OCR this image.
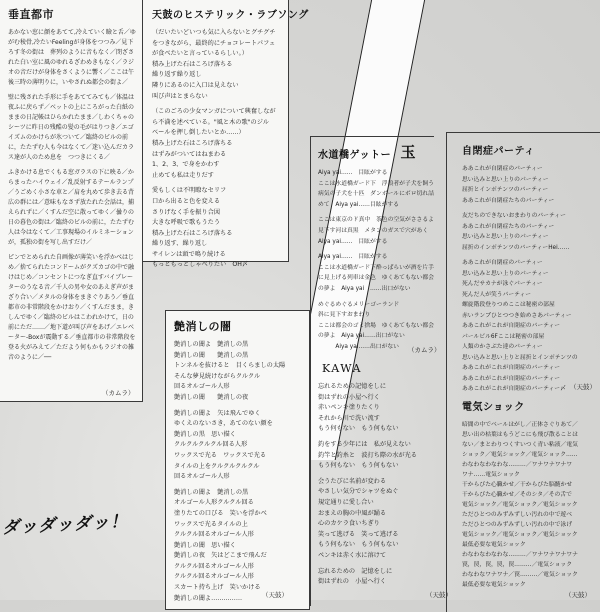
玉
垂直都市

あかない窓に顔をあてて,冷えていく瞼と舌／ゆがむ稜骨,冷たいFeelingが身体をつつみ／見下ろす冬の街は　葬列のように音もなく／閉ざされた白い室に風のゆれるざわめきもなく／ラジオの音だけが身体をさくように響く／ここは午後三時の薄明りに，いやされぬ都会の街よ／

壁に残された手形に手をあててみても／体温は夜ふに戻らず／ベットの上にころがった白紙のままの日記帳はひらかれたまま／しわくちゃのシーツに昨日の残酷の髪の毛がはりつき／エゴイズムのかけらが氷ついて／臨終のビルの前に，たたずむ人も今はなくて／迷い込んだカラス達が人のため息を　つつきにくる／

ふきかける息でくもる窓ガラスの下に映る／からまったハイウェイ／乱反射するテールランプ／うごめく小さな車と／肩を丸めて歩き去る背広の群には／意味もなさず放たれた会話は，捕えられずに／くすんだ空に散ってゆく／曇りの日の暮色の街は／臨終のビルの前に，たたずむ人は今はなくて／工事現場のイルミネーションが，孤独の街を写し出すだけ／

ピンでとめられた自画像が薄笑いを浮かべはじめ／捨てられたコンドームがクズカゴの中で融けはじめ／コンセントにつなぎ直すバイブレーターのうなる音／千人の男や女のあえぎ声がまざり合い／メタルの身体をまきぐりあう／垂直都市の非常階段をかけおり／くすんだまま，きしんでゆく／臨終のビルはこわれかけて，日の前にただ……／地下道が叫び声をあげ／エレベーター-Boxが震動する／垂直都市の非常階段を登る火がみえて／ただよう何もかもラジオの雑音のように／──

（カムラ）
天鼓のヒステリック・ラブソング

（だいたいどいつも気に入らないとグチグチ
をつきながら，最終的にチョコレートパフェ
が食べたいと言っているらしい。）
積み上げた石はころげ落ちる
繰り返す繰り返し
隣りにあるのに入口は見えない
叫び声はとまらない

（このごろの少女マンガについて興奮しなが
ら不満を述べている。"風と木の歌"のジル
ベールを押し倒したいとか……）
積み上げた石はころげ落ちる
はずみがついてはねまわる
1、2、3、で身をかわす
止めても私は走りだす

愛もしくは不明瞭なセリフ
口から出ると色を変える
さりげなく手を振り合図
大きな呼吸で歌もうたう
積み上げた石はころげ落ちる
繰り返す、繰り返し
サイレンは頭で鳴り続ける
もっともっとしゃべりたい　OH〆

艶消しの闇

艶消しの闇よ　艶消しの黒
艶消しの闇　　艶消しの黒
トンネルを抜けると　目くらましの太陽
そんな夢見続けながらクルクル
回るオルゴール人形
艶消しの闇　　艶消しの夜

艶消しの闇よ　矢は飛んでゆく
ゆくえのないさき，あてのない顔を
艶消しの黒　思い描く
クルクルクルクル回る人形
ワックスで光る　ワックスで光る
タイルの上をクルクルクルクル
回るオルゴール人形

艶消しの闇よ　艶消しの黒
オルゴール人形クルクル回る
塗りたての口びる　笑いを浮かべ
ワックスで光るタイルの上
クルクル回るオルゴール人形
艶消しの闇　思い描く
艶消しの夜　矢はどこまで飛んだ
クルクル回るオルゴール人形
クルクル回るオルゴール人形
スカート持ち上げ　笑いかける
艶消しの闇よ……………	（天鼓）
水道橋ゲットー

Aiya yai……　目眩がする
ここは水道橋ガード下　浮浪者が子犬を飼う
病気の子犬を十匹　ダンボールにボロ切れ詰
めて　Aiya yai……目眩がする

ここは東京のド真中　茶色の空気がささるよ
見下す河は真黒　メタンのガスで穴があく
Aiya yai……　目眩がする

Aiya yai……　目眩がする
ここは水道橋ガード下酔っぱらいが酒を片手
に見上げる列車は金色　ゆくあてもない都会
の夢よ　Aiya yai　……出口がない

めぐるめぐるメリーゴーランド
斜に見下すおまわり
ここは都会のゴミ捨場　ゆくあてもない都会
の夢よ　Aiya yai……出口がない
　　　Aiya yai……出口がない	（カムラ）
KAWA

忘れるための記憶をしに
街はずれの小屋へ行く
赤いペンキ塗りたくり
それから川で洗い流す
もう何もない　もう何もない

釣をする少年には　私が見えない
釣竿と釣糸と　波打ち際の水が光る
もう何もない　もう何もない

会うたびに名前が変わる
やさしい気分でシャツをぬぐ
規定通りに愛し合い
おまえの胸の中風が踊る
心のカケラ食いちぎり
笑って逃げる　笑って逃げる
もう何もない　もう何もない
ペンキは赤く水に溶けて

忘れるための　記憶をしに
街はずれの　小屋へ行く

（天鼓）
自閉症パーティ

ああこれが自閉症のパーティー
思い込みと思い上りのパーティー
屈折とインポテンツのパーティー
ああこれが自閉症たちのパーティー

友だちのできないおまわりのパーティー
ああこれが自閉症たちのパーティー
思い込みと思い上りのパーティー
屈折のインポテンツのパーティーHei……

ああこれが自閉症のパーティー
思い込みと思い上りのパーティー
死んだサカナが泳ぐパーティー
死んだ人が笑うパーティー
螺旋階段登りつめここは秘密の部屋
赤いランプひとつつき始めさあパーティー
ああこれがこれが自閉症のパーティー
パールビル6Fここは秘密の部屋
人類のかさぶた達のパーティー
思い込みと思い上りと屈折とインポテンツの
ああこれがこれが自閉症のパーティー
ああこれがこれが自閉症のパーティー
ああこれがこれが自閉症のパーティー〆 （天鼓）
電気ショック
暗闇の中でベールはがし／正体さぐりあて／
思い出の枯葉はもうどこにも飛び散ることは
ない／まとわりつくすいつく青い粘液／電気
ショック／電気ショック／電気ショック……
わなわなわなわな………／ワナワナワナワ
ワナ……電気ショック
干からびた心臓かせ／干からびた脳髄かせ
干からびた心臓かせ／そのシタ／その舌で
電気ショック／電気ショック／電気ショック
ただひとつのみずみずしい汚れの中で遊べ
ただひとつのみずみずしい汚れの中で泳げ
電気ショック／電気ショック／電気ショック
最低必要な電気ショック
わなわなわなわな………／ワナワナワナワナ
罠，罠，罠，罠，罠………／電気ショック
わなわなワナワナ／罠………／電気ショック
最低必要な電気ショック
（天鼓）
ダッダッダッ！
